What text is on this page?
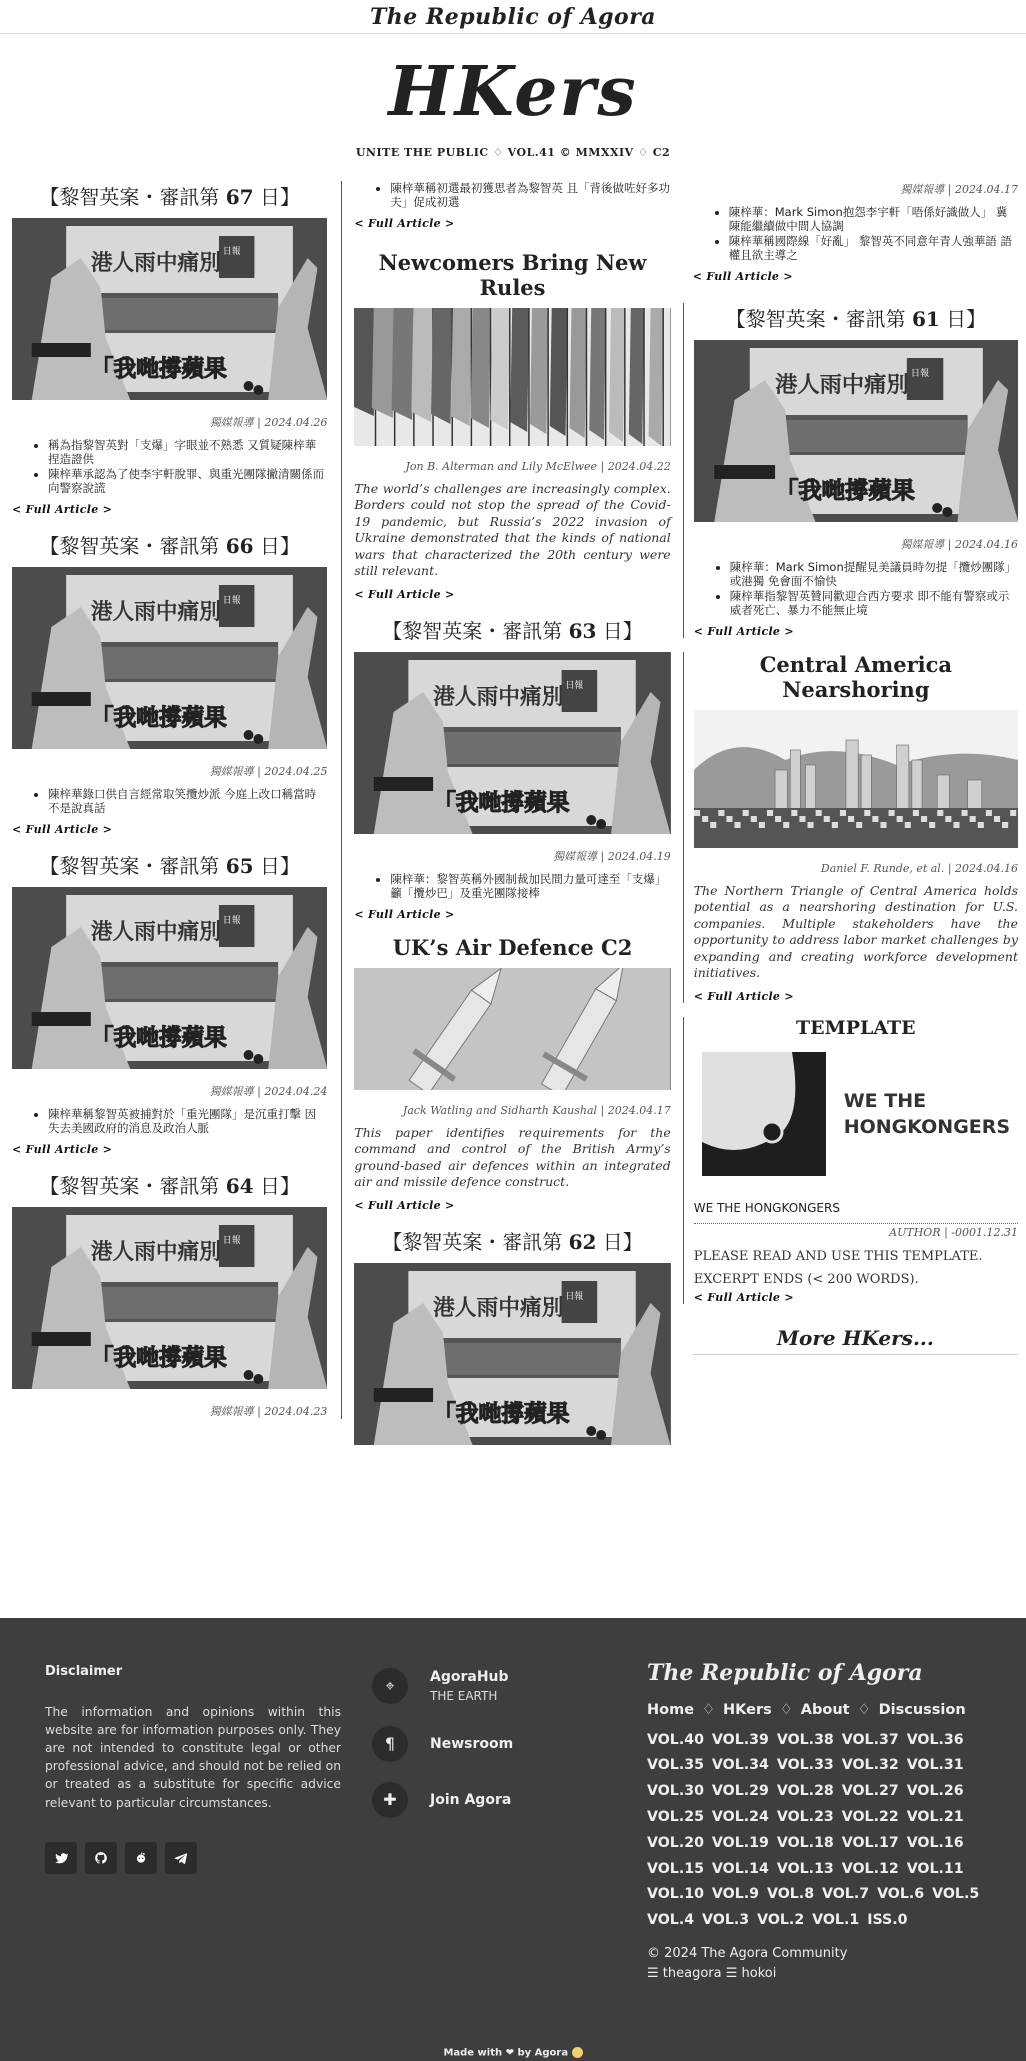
The Republic of Agora
HKers
UNITE THE PUBLIC ♢ VOL.41 © MMXXIV ♢ C2
【黎智英案・審訊第 67 日】
港人雨中痛別
「我哋撐蘋果
日報
獨媒報導 | 2024.04.26
• 稱為指黎智英對「支爆」字眼並不熟悉 又質疑陳梓華捏造證供
• 陳梓華承認為了使李宇軒脫罪、與重光團隊撇清關係而向警察說謊
< Full Article >
【黎智英案・審訊第 66 日】
港人雨中痛別
「我哋撐蘋果
日報
獨媒報導 | 2024.04.25
• 陳梓華錄口供自言經常取笑攬炒派 今庭上改口稱當時不是說真話
< Full Article >
【黎智英案・審訊第 65 日】
港人雨中痛別
「我哋撐蘋果
日報
獨媒報導 | 2024.04.24
• 陳梓華稱黎智英被捕對於「重光團隊」是沉重打擊 因失去美國政府的消息及政治人脈
< Full Article >
【黎智英案・審訊第 64 日】
港人雨中痛別
「我哋撐蘋果
日報
獨媒報導 | 2024.04.23
• 陳梓華稱初選最初獲思者為黎智英 且「背後做咗好多功夫」促成初選
< Full Article >
Newcomers Bring New Rules
Jon B. Alterman and Lily McElwee | 2024.04.22

The world’s challenges are increasingly complex. Borders could not stop the spread of the Covid-19 pandemic, but Russia’s 2022 invasion of Ukraine demonstrated that the kinds of national wars that characterized the 20th century were still relevant.

< Full Article >
【黎智英案・審訊第 63 日】
港人雨中痛別
「我哋撐蘋果
日報
獨媒報導 | 2024.04.19
• 陳梓華：黎智英稱外國制裁加民間力量可達至「支爆」 籲「攬炒巴」及重光團隊接棒
< Full Article >
UK’s Air Defence C2
Jack Watling and Sidharth Kaushal | 2024.04.17

This paper identifies requirements for the command and control of the British Army’s ground-based air defences within an integrated air and missile defence construct.

< Full Article >
【黎智英案・審訊第 62 日】
港人雨中痛別
「我哋撐蘋果
日報
獨媒報導 | 2024.04.17
• 陳梓華：Mark Simon抱怨李宇軒「唔係好識做人」 冀陳能繼續做中間人協調
• 陳梓華稱國際線「好亂」 黎智英不同意年青人強華語 語權且欲主導之
< Full Article >
【黎智英案・審訊第 61 日】
港人雨中痛別
「我哋撐蘋果
日報
獨媒報導 | 2024.04.16
• 陳梓華：Mark Simon提醒見美議員時勿提「攬炒團隊」或港獨 免會面不愉快
• 陳梓華指黎智英贊同歡迎合西方要求 即不能有警察或示威者死亡、暴力不能無止境
< Full Article >
Central America Nearshoring
Daniel F. Runde, et al. | 2024.04.16

The Northern Triangle of Central America holds potential as a nearshoring destination for U.S. companies. Multiple stakeholders have the opportunity to address labor market challenges by expanding and creating workforce development initiatives.

< Full Article >
TEMPLATE
WE THE
HONGKONGERS
WE THE HONGKONGERS
AUTHOR | -0001.12.31
PLEASE READ AND USE THIS TEMPLATE.
EXCERPT ENDS (< 200 WORDS).
< Full Article >
More HKers...
Disclaimer

The information and opinions within this website are for information purposes only. They are not intended to constitute legal or other professional advice, and should not be relied on or treated as a substitute for specific advice relevant to particular circumstances.

⌖	AgoraHub
THE EARTH
¶	Newsroom
✚	Join Agora
The Republic of Agora
Home ♢ HKers ♢ About ♢ Discussion
VOL.40 VOL.39 VOL.38 VOL.37 VOL.36 VOL.35 VOL.34 VOL.33 VOL.32 VOL.31 VOL.30 VOL.29 VOL.28 VOL.27 VOL.26 VOL.25 VOL.24 VOL.23 VOL.22 VOL.21 VOL.20 VOL.19 VOL.18 VOL.17 VOL.16 VOL.15 VOL.14 VOL.13 VOL.12 VOL.11 VOL.10 VOL.9 VOL.8 VOL.7 VOL.6 VOL.5 VOL.4 VOL.3 VOL.2 VOL.1 ISS.0
© 2024 The Agora Community
☰ theagora ☰ hokoi
Made with ❤ by Agora
